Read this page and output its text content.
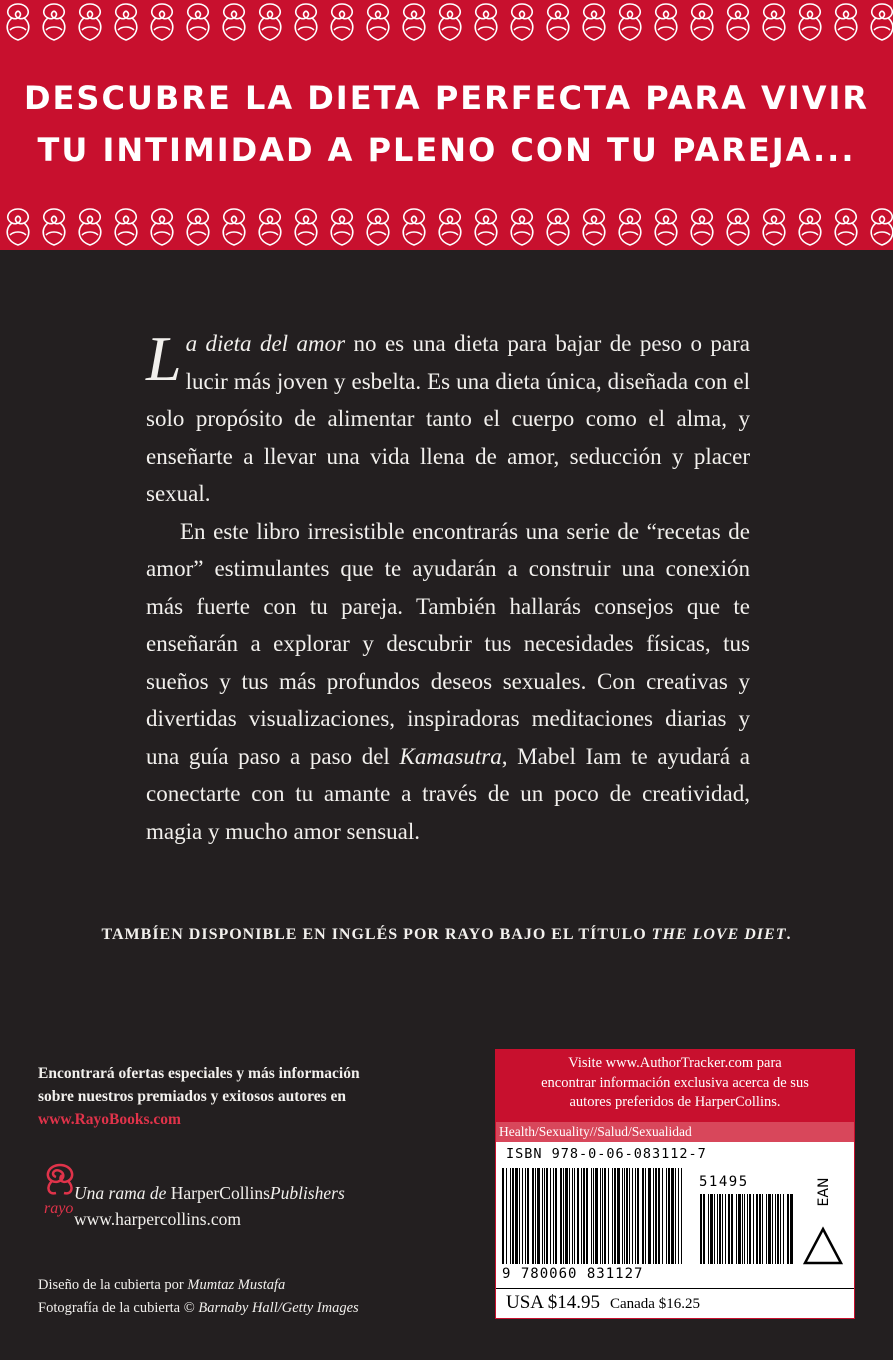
DESCUBRE LA DIETA PERFECTA PARA VIVIR
TU INTIMIDAD A PLENO CON TU PAREJA...

La dieta del amor no es una dieta para bajar de peso o para lucir más joven y esbelta. Es una dieta única, diseñada con el solo propósito de alimentar tanto el cuerpo como el alma, y enseñarte a llevar una vida llena de amor, seducción y placer sexual.

En este libro irresistible encontrarás una serie de “recetas de amor” estimulantes que te ayudarán a construir una conexión más fuerte con tu pareja. También hallarás consejos que te enseñarán a explorar y descubrir tus necesidades físicas, tus sueños y tus más profundos deseos sexuales. Con creativas y divertidas visualizaciones, inspiradoras meditaciones diarias y una guía paso a paso del Kamasutra, Mabel Iam te ayudará a conectarte con tu amante a través de un poco de creatividad, magia y mucho amor sensual.

TAMBÍEN DISPONIBLE EN INGLÉS POR RAYO BAJO EL TÍTULO THE LOVE DIET.
Encontrará ofertas especiales y más información
sobre nuestros premiados y exitosos autores en
www.RayoBooks.com
rayo
Una rama de HarperCollinsPublishers
www.harpercollins.com
Diseño de la cubierta por Mumtaz Mustafa
Fotografía de la cubierta © Barnaby Hall/Getty Images
Visite www.AuthorTracker.com para
encontrar información exclusiva acerca de sus
autores preferidos de HarperCollins.
Health/Sexuality//Salud/Sexualidad
ISBN 978-0-06-083112-7
9 780060 831127
51495	EAN
USA $14.95 Canada $16.25
